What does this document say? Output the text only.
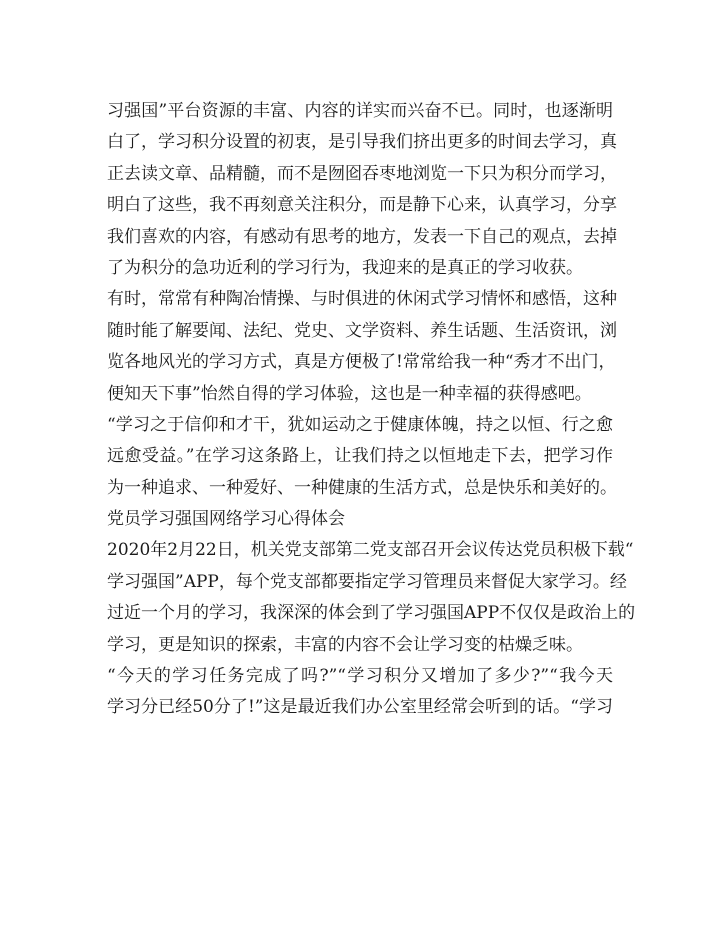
习强国”平台资源的丰富、内容的详实而兴奋不已。同时，也逐渐明
白了，学习积分设置的初衷，是引导我们挤出更多的时间去学习，真
正去读文章、品精髓，而不是囫囵吞枣地浏览一下只为积分而学习，
明白了这些，我不再刻意关注积分，而是静下心来，认真学习，分享
我们喜欢的内容，有感动有思考的地方，发表一下自己的观点，去掉
了为积分的急功近利的学习行为，我迎来的是真正的学习收获。

有时，常常有种陶冶情操、与时俱进的休闲式学习情怀和感悟，这种
随时能了解要闻、法纪、党史、文学资料、养生话题、生活资讯，浏
览各地风光的学习方式，真是方便极了!常常给我一种“秀才不出门，
便知天下事”怡然自得的学习体验，这也是一种幸福的获得感吧。

“学习之于信仰和才干，犹如运动之于健康体魄，持之以恒、行之愈
远愈受益。”在学习这条路上，让我们持之以恒地走下去，把学习作
为一种追求、一种爱好、一种健康的生活方式，总是快乐和美好的。

党员学习强国网络学习心得体会

2020年2月22日，机关党支部第二党支部召开会议传达党员积极下载“
学习强国”APP，每个党支部都要指定学习管理员来督促大家学习。经
过近一个月的学习，我深深的体会到了学习强国APP不仅仅是政治上的
学习，更是知识的探索，丰富的内容不会让学习变的枯燥乏味。

“今天的学习任务完成了吗?”“学习积分又增加了多少?”“我今天
学习分已经50分了!”这是最近我们办公室里经常会听到的话。“学习
